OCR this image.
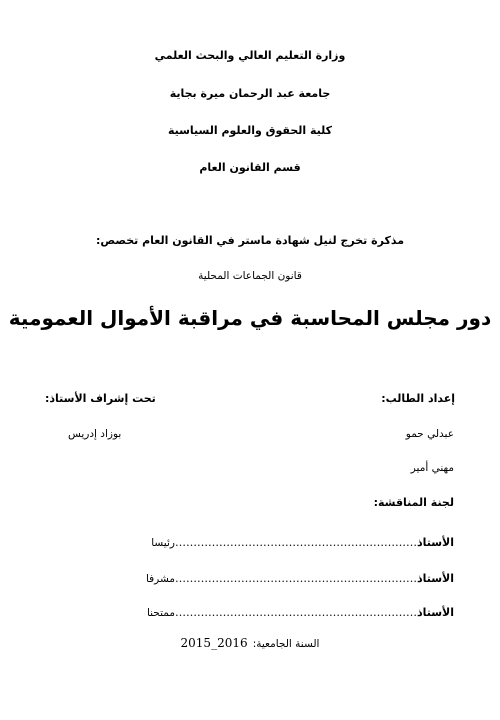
وزارة التعليم العالي والبحث العلمي
جامعة عبد الرحمان ميرة بجاية
كلية الحقوق والعلوم السياسية
قسم القانون العام
مذكرة تخرج لنيل شهادة ماستر في القانون العام تخصص:
قانون الجماعات المحلية
دور مجلس المحاسبة في مراقبة الأموال العمومية
إعداد الطالب:
تحت إشراف الأستاذ:
عبدلي حمو
بوزاد إدريس
مهني أمير
لجنة المناقشة:
الأستاذ…………………………………………………………رئيسا
الأستاذ…………………………………………………………مشرفا
الأستاذ…………………………………………………………ممتحنا
السنة الجامعية: 2015_2016
